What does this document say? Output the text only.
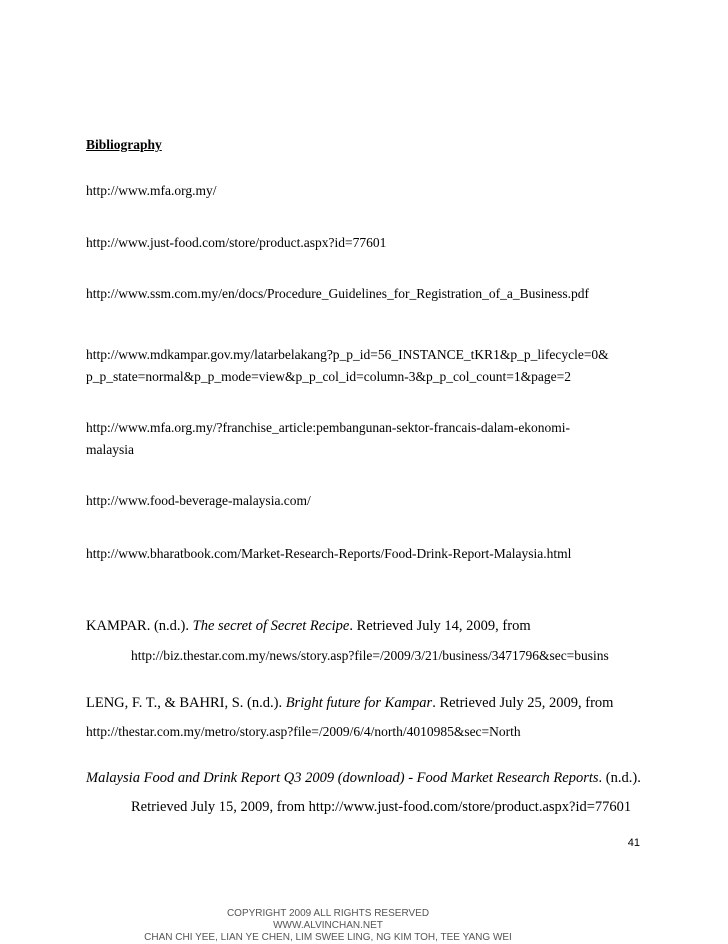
Bibliography
http://www.mfa.org.my/
http://www.just-food.com/store/product.aspx?id=77601
http://www.ssm.com.my/en/docs/Procedure_Guidelines_for_Registration_of_a_Business.pdf
http://www.mdkampar.gov.my/latarbelakang?p_p_id=56_INSTANCE_tKR1&p_p_lifecycle=0&
p_p_state=normal&p_p_mode=view&p_p_col_id=column-3&p_p_col_count=1&page=2
http://www.mfa.org.my/?franchise_article:pembangunan-sektor-francais-dalam-ekonomi-
malaysia
http://www.food-beverage-malaysia.com/
http://www.bharatbook.com/Market-Research-Reports/Food-Drink-Report-Malaysia.html
KAMPAR. (n.d.). The secret of Secret Recipe. Retrieved July 14, 2009, from
http://biz.thestar.com.my/news/story.asp?file=/2009/3/21/business/3471796&sec=busins
LENG, F. T., & BAHRI, S. (n.d.). Bright future for Kampar. Retrieved July 25, 2009, from
http://thestar.com.my/metro/story.asp?file=/2009/6/4/north/4010985&sec=North
Malaysia Food and Drink Report Q3 2009 (download) - Food Market Research Reports. (n.d.).
Retrieved July 15, 2009, from http://www.just-food.com/store/product.aspx?id=77601
41
COPYRIGHT 2009 ALL RIGHTS RESERVED
WWW.ALVINCHAN.NET
CHAN CHI YEE, LIAN YE CHEN, LIM SWEE LING, NG KIM TOH, TEE YANG WEI
